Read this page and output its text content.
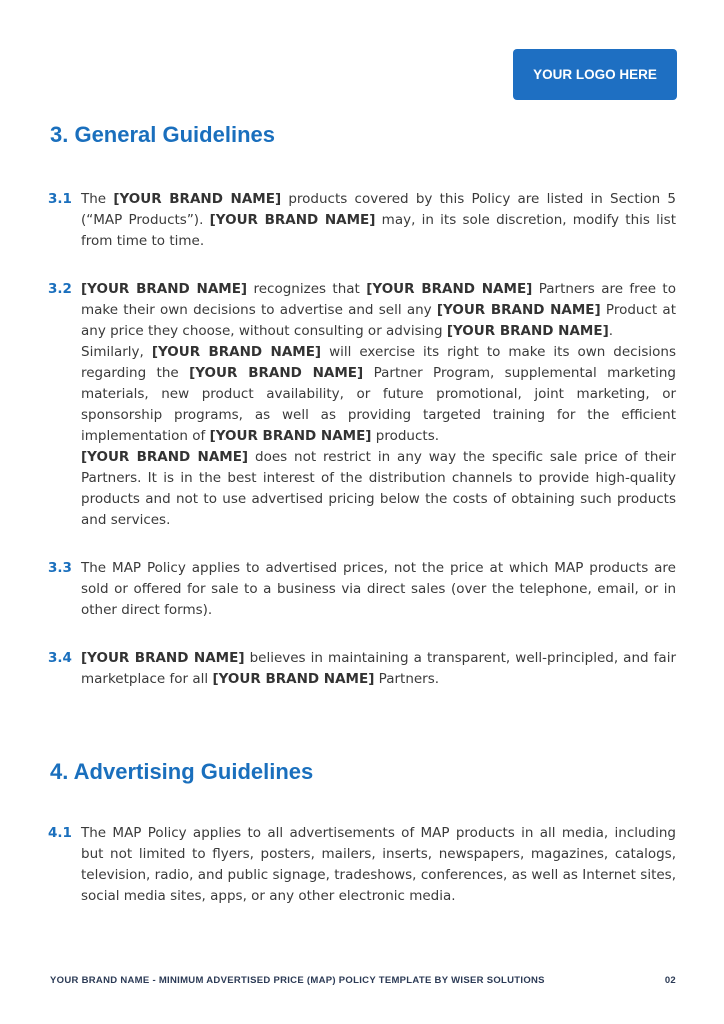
YOUR LOGO HERE
3. General Guidelines
3.1 The [YOUR BRAND NAME] products covered by this Policy are listed in Section 5 (“MAP Products”). [YOUR BRAND NAME] may, in its sole discretion, modify this list from time to time.

3.2 [YOUR BRAND NAME] recognizes that [YOUR BRAND NAME] Partners are free to make their own decisions to advertise and sell any [YOUR BRAND NAME] Product at any price they choose, without consulting or advising [YOUR BRAND NAME].

Similarly, [YOUR BRAND NAME] will exercise its right to make its own decisions regarding the [YOUR BRAND NAME] Partner Program, supplemental marketing materials, new product availability, or future promotional, joint marketing, or sponsorship programs, as well as providing targeted training for the efficient implementation of [YOUR BRAND NAME] products.

[YOUR BRAND NAME] does not restrict in any way the specific sale price of their Partners. It is in the best interest of the distribution channels to provide high-quality products and not to use advertised pricing below the costs of obtaining such products and services.

3.3 The MAP Policy applies to advertised prices, not the price at which MAP products are sold or offered for sale to a business via direct sales (over the telephone, email, or in other direct forms).

3.4 [YOUR BRAND NAME] believes in maintaining a transparent, well-principled, and fair marketplace for all [YOUR BRAND NAME] Partners.

4. Advertising Guidelines
4.1 The MAP Policy applies to all advertisements of MAP products in all media, including but not limited to flyers, posters, mailers, inserts, newspapers, magazines, catalogs, television, radio, and public signage, tradeshows, conferences, as well as Internet sites, social media sites, apps, or any other electronic media.

YOUR BRAND NAME - MINIMUM ADVERTISED PRICE (MAP) POLICY TEMPLATE BY WISER SOLUTIONS	02
